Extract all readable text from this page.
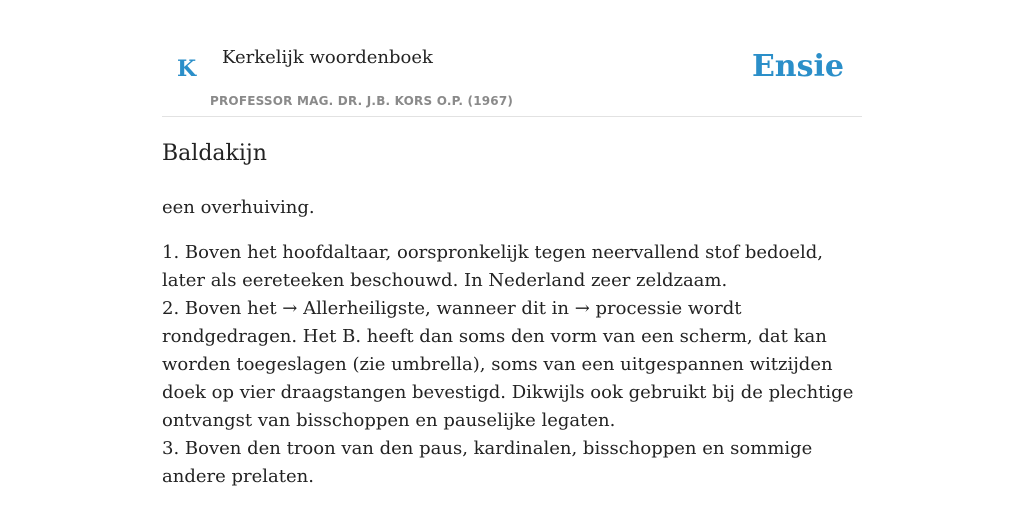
K Kerkelijk woordenboek
PROFESSOR MAG. DR. J.B. KORS O.P. (1967)
Ensie
Baldakijn

een overhuiving.

1. Boven het hoofdaltaar, oorspronkelijk tegen neervallend stof bedoeld, later als eereteeken beschouwd. In Nederland zeer zeldzaam.
2. Boven het → Allerheiligste, wanneer dit in → processie wordt rondgedragen. Het B. heeft dan soms den vorm van een scherm, dat kan worden toegeslagen (zie umbrella), soms van een uitgespannen witzijden doek op vier draagstangen bevestigd. Dikwijls ook gebruikt bij de plechtige ontvangst van bisschoppen en pauselijke legaten.
3. Boven den troon van den paus, kardinalen, bisschoppen en sommige andere prelaten.
